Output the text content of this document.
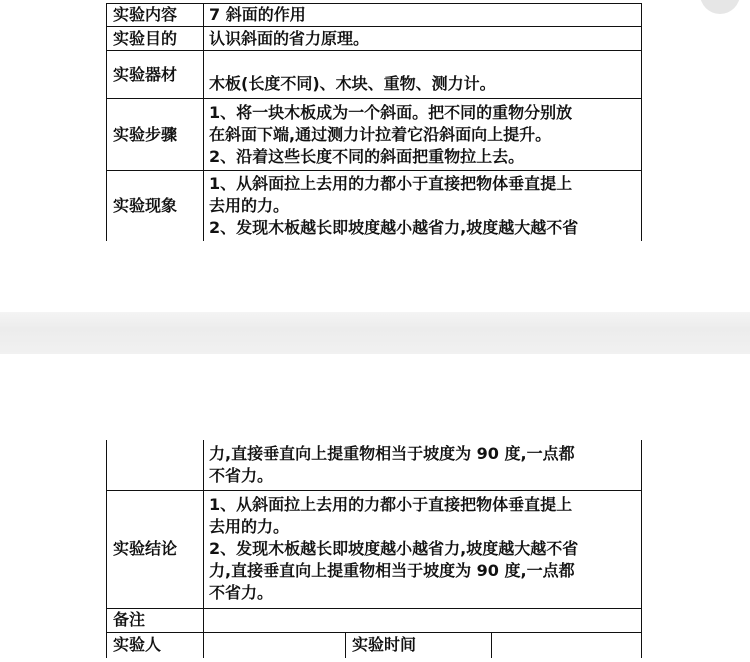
实验内容	7 斜面的作用
实验目的	认识斜面的省力原理。
实验器材	木板(长度不同)、木块、重物、测力计。
实验步骤	1、将一块木板成为一个斜面。把不同的重物分别放
在斜面下端,通过测力计拉着它沿斜面向上提升。
2、沿着这些长度不同的斜面把重物拉上去。

实验现象	1、从斜面拉上去用的力都小于直接把物体垂直提上
去用的力。
2、发现木板越长即坡度越小越省力,坡度越大越不省

	力,直接垂直向上提重物相当于坡度为 90 度,一点都
不省力。		

实验结论	1、从斜面拉上去用的力都小于直接把物体垂直提上
去用的力。
2、发现木板越长即坡度越小越省力,坡度越大越不省
力,直接垂直向上提重物相当于坡度为 90 度,一点都
不省力。		

备注			
实验人		实验时间	
